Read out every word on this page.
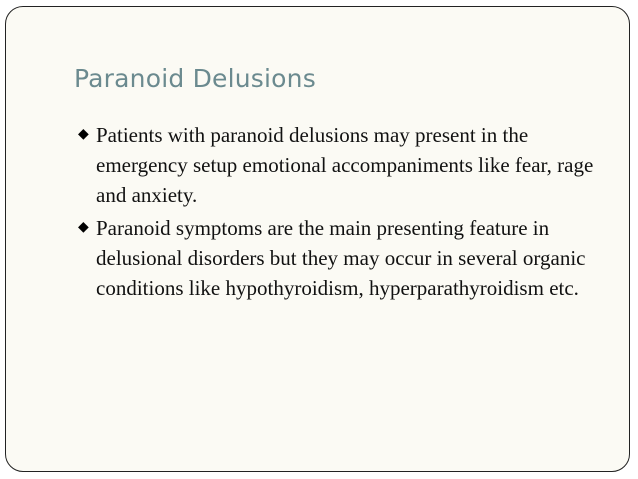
Paranoid Delusions
◆ Patients with paranoid delusions may present in the emergency setup emotional accompaniments like fear, rage and anxiety.
◆ Paranoid symptoms are the main presenting feature in delusional disorders but they may occur in several organic conditions like hypothyroidism, hyperparathyroidism etc.
